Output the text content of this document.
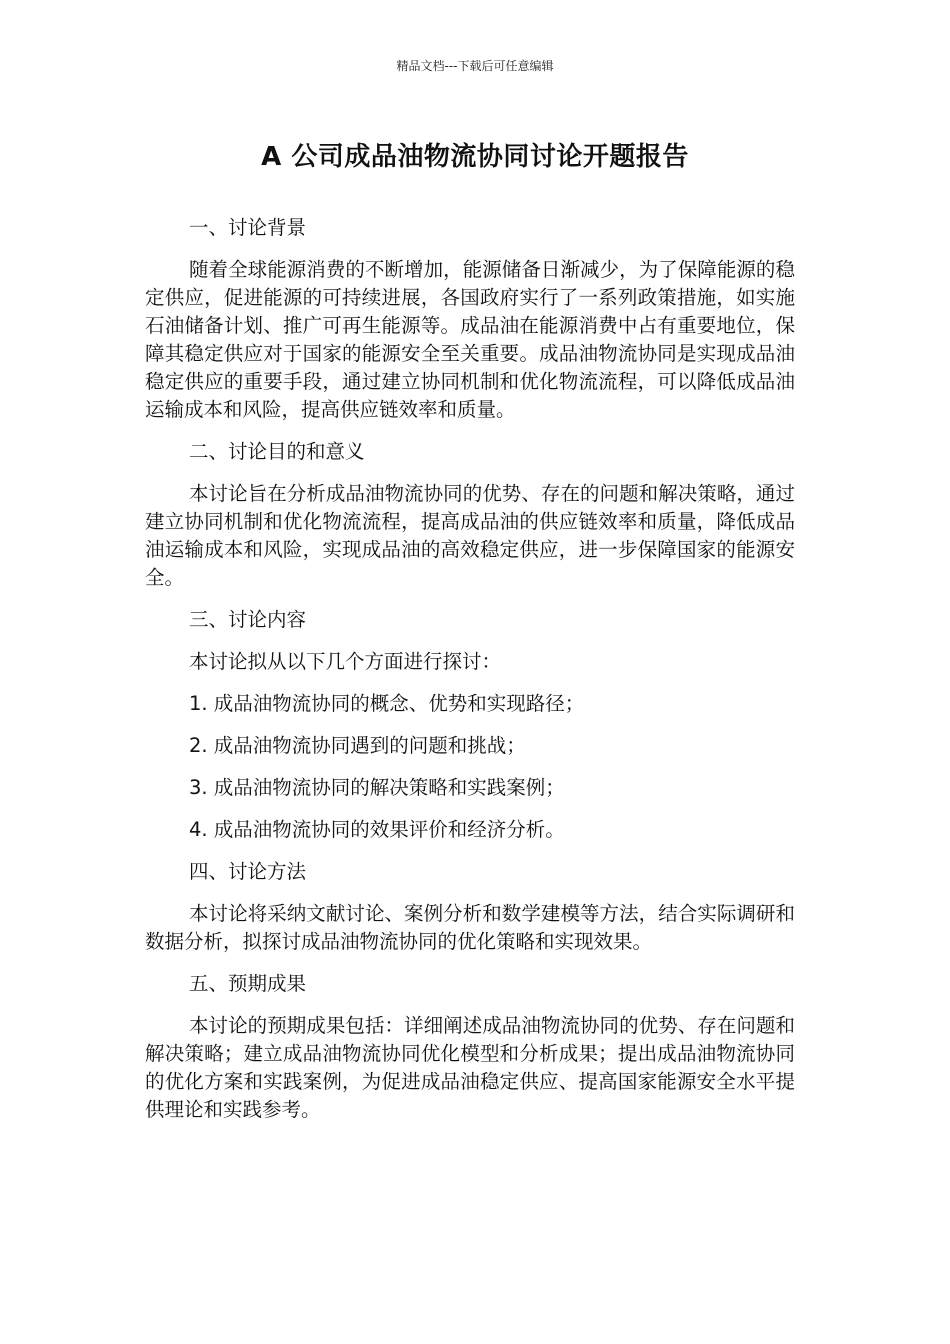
精品文档---下载后可任意编辑
A 公司成品油物流协同讨论开题报告

一、讨论背景

随着全球能源消费的不断增加，能源储备日渐减少，为了保障能源的稳定供应，促进能源的可持续进展，各国政府实行了一系列政策措施，如实施石油储备计划、推广可再生能源等。成品油在能源消费中占有重要地位，保障其稳定供应对于国家的能源安全至关重要。成品油物流协同是实现成品油稳定供应的重要手段，通过建立协同机制和优化物流流程，可以降低成品油运输成本和风险，提高供应链效率和质量。

二、讨论目的和意义

本讨论旨在分析成品油物流协同的优势、存在的问题和解决策略，通过建立协同机制和优化物流流程，提高成品油的供应链效率和质量，降低成品油运输成本和风险，实现成品油的高效稳定供应，进一步保障国家的能源安全。

三、讨论内容

本讨论拟从以下几个方面进行探讨：

1. 成品油物流协同的概念、优势和实现路径；

2. 成品油物流协同遇到的问题和挑战；

3. 成品油物流协同的解决策略和实践案例；

4. 成品油物流协同的效果评价和经济分析。

四、讨论方法

本讨论将采纳文献讨论、案例分析和数学建模等方法，结合实际调研和数据分析，拟探讨成品油物流协同的优化策略和实现效果。

五、预期成果

本讨论的预期成果包括：详细阐述成品油物流协同的优势、存在问题和解决策略；建立成品油物流协同优化模型和分析成果；提出成品油物流协同的优化方案和实践案例，为促进成品油稳定供应、提高国家能源安全水平提供理论和实践参考。
